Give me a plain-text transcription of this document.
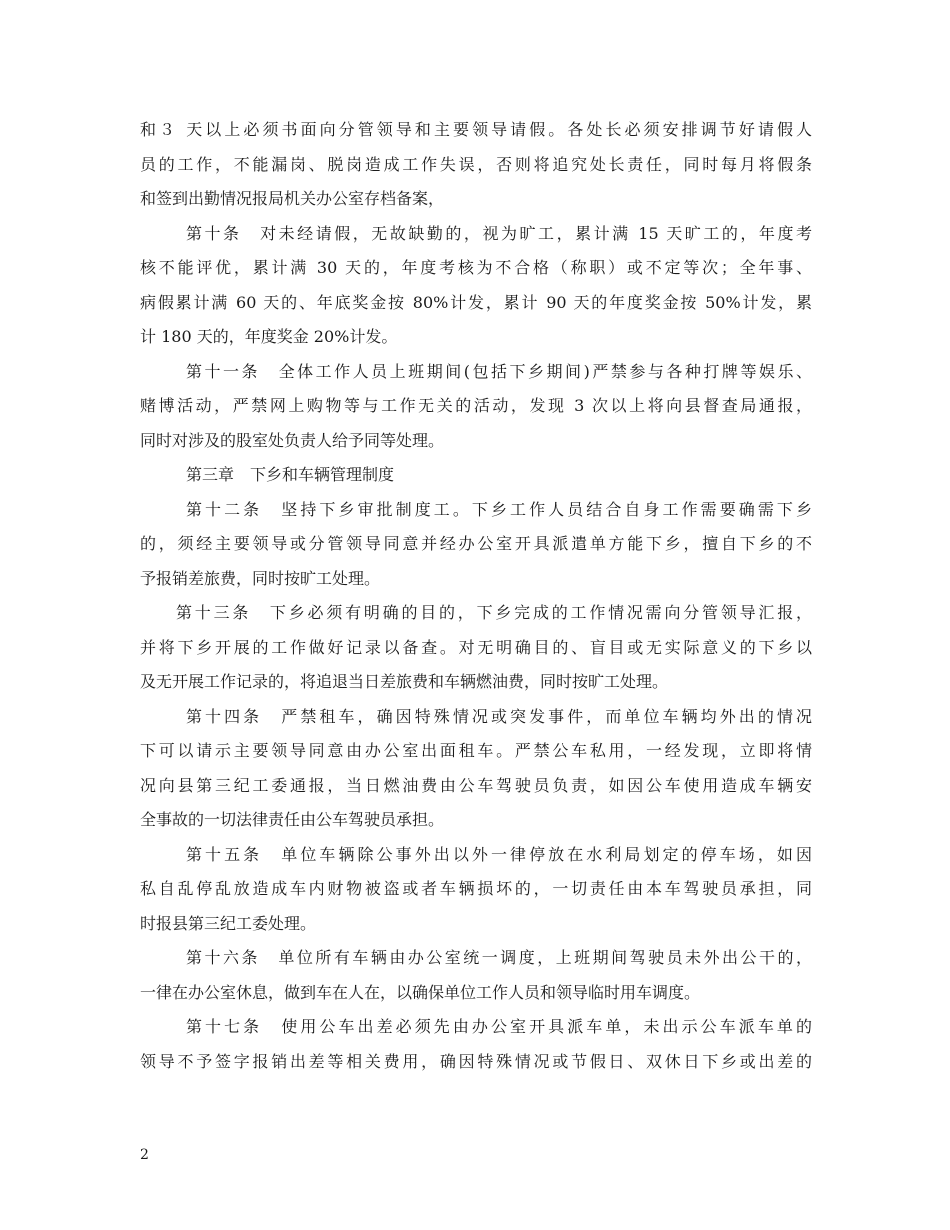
和３ 天以上必须书面向分管领导和主要领导请假。各处长必须安排调节好请假人
员的工作，不能漏岗、脱岗造成工作失误，否则将追究处长责任，同时每月将假条
和签到出勤情况报局机关办公室存档备案，
第十条　对未经请假，无故缺勤的，视为旷工，累计满 15 天旷工的，年度考
核不能评优，累计满 30 天的，年度考核为不合格（称职）或不定等次；全年事、
病假累计满 60 天的、年底奖金按 80%计发，累计 90 天的年度奖金按 50%计发，累
计 180 天的，年度奖金 20%计发。
第十一条　全体工作人员上班期间(包括下乡期间)严禁参与各种打牌等娱乐、
赌博活动，严禁网上购物等与工作无关的活动，发现 3 次以上将向县督查局通报，
同时对涉及的股室处负责人给予同等处理。
第三章　下乡和车辆管理制度
第十二条　坚持下乡审批制度工。下乡工作人员结合自身工作需要确需下乡
的，须经主要领导或分管领导同意并经办公室开具派遣单方能下乡，擅自下乡的不
予报销差旅费，同时按旷工处理。
第十三条　下乡必须有明确的目的，下乡完成的工作情况需向分管领导汇报，
并将下乡开展的工作做好记录以备查。对无明确目的、盲目或无实际意义的下乡以
及无开展工作记录的，将追退当日差旅费和车辆燃油费，同时按旷工处理。
第十四条　严禁租车，确因特殊情况或突发事件，而单位车辆均外出的情况
下可以请示主要领导同意由办公室出面租车。严禁公车私用，一经发现，立即将情
况向县第三纪工委通报，当日燃油费由公车驾驶员负责，如因公车使用造成车辆安
全事故的一切法律责任由公车驾驶员承担。
第十五条　单位车辆除公事外出以外一律停放在水利局划定的停车场，如因
私自乱停乱放造成车内财物被盗或者车辆损坏的，一切责任由本车驾驶员承担，同
时报县第三纪工委处理。
第十六条　单位所有车辆由办公室统一调度，上班期间驾驶员未外出公干的，
一律在办公室休息，做到车在人在，以确保单位工作人员和领导临时用车调度。
第十七条　使用公车出差必须先由办公室开具派车单，未出示公车派车单的
领导不予签字报销出差等相关费用，确因特殊情况或节假日、双休日下乡或出差的
2
